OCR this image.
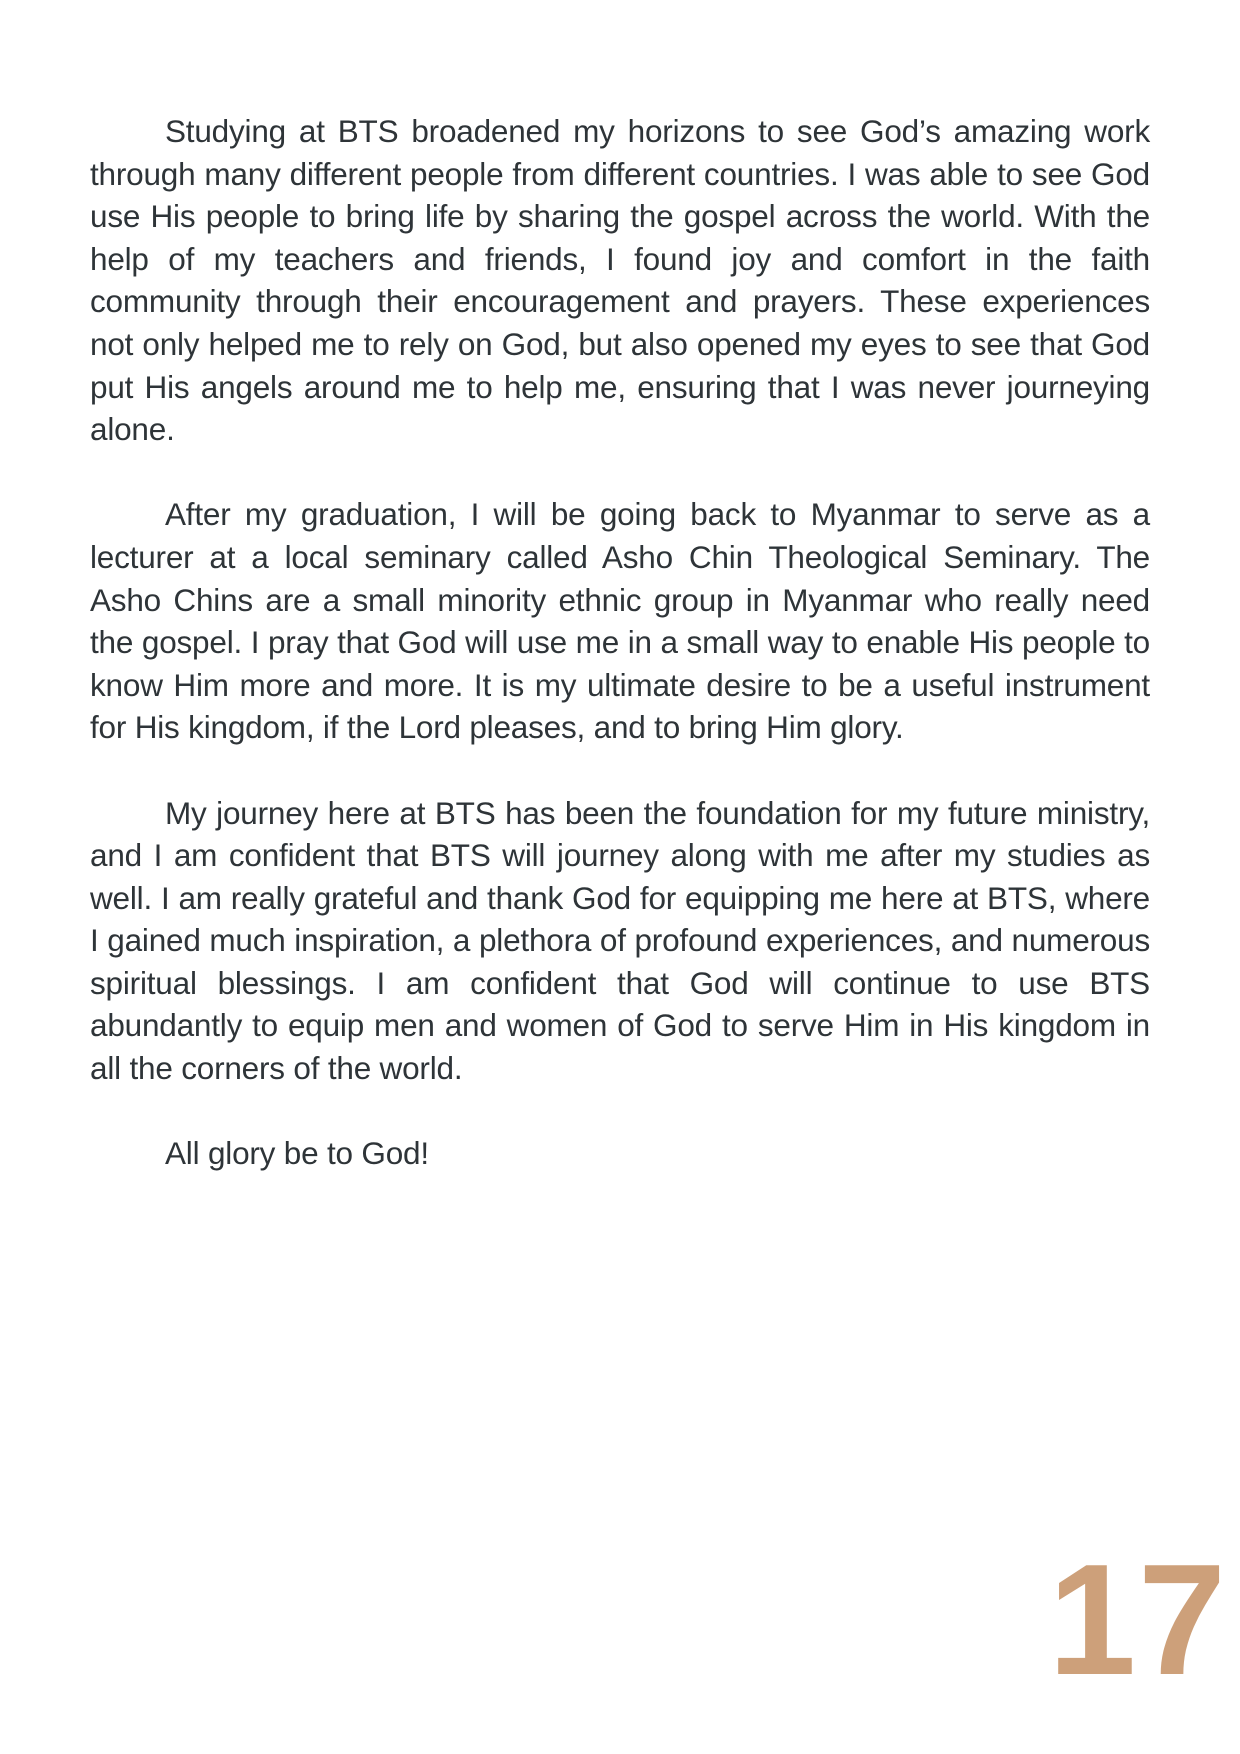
Studying at BTS broadened my horizons to see God’s amazing work through many different people from different countries. I was able to see God use His people to bring life by sharing the gospel across the world. With the help of my teachers and friends, I found joy and comfort in the faith community through their encouragement and prayers. These experiences not only helped me to rely on God, but also opened my eyes to see that God put His angels around me to help me, ensuring that I was never journeying alone.

After my graduation, I will be going back to Myanmar to serve as a lecturer at a local seminary called Asho Chin Theological Seminary. The Asho Chins are a small minority ethnic group in Myanmar who really need the gospel. I pray that God will use me in a small way to enable His people to know Him more and more. It is my ultimate desire to be a useful instrument for His kingdom, if the Lord pleases, and to bring Him glory.

My journey here at BTS has been the foundation for my future ministry, and I am confident that BTS will journey along with me after my studies as well. I am really grateful and thank God for equipping me here at BTS, where I gained much inspiration, a plethora of profound experiences, and numerous spiritual blessings. I am confident that God will continue to use BTS abundantly to equip men and women of God to serve Him in His kingdom in all the corners of the world.

All glory be to God!

17
